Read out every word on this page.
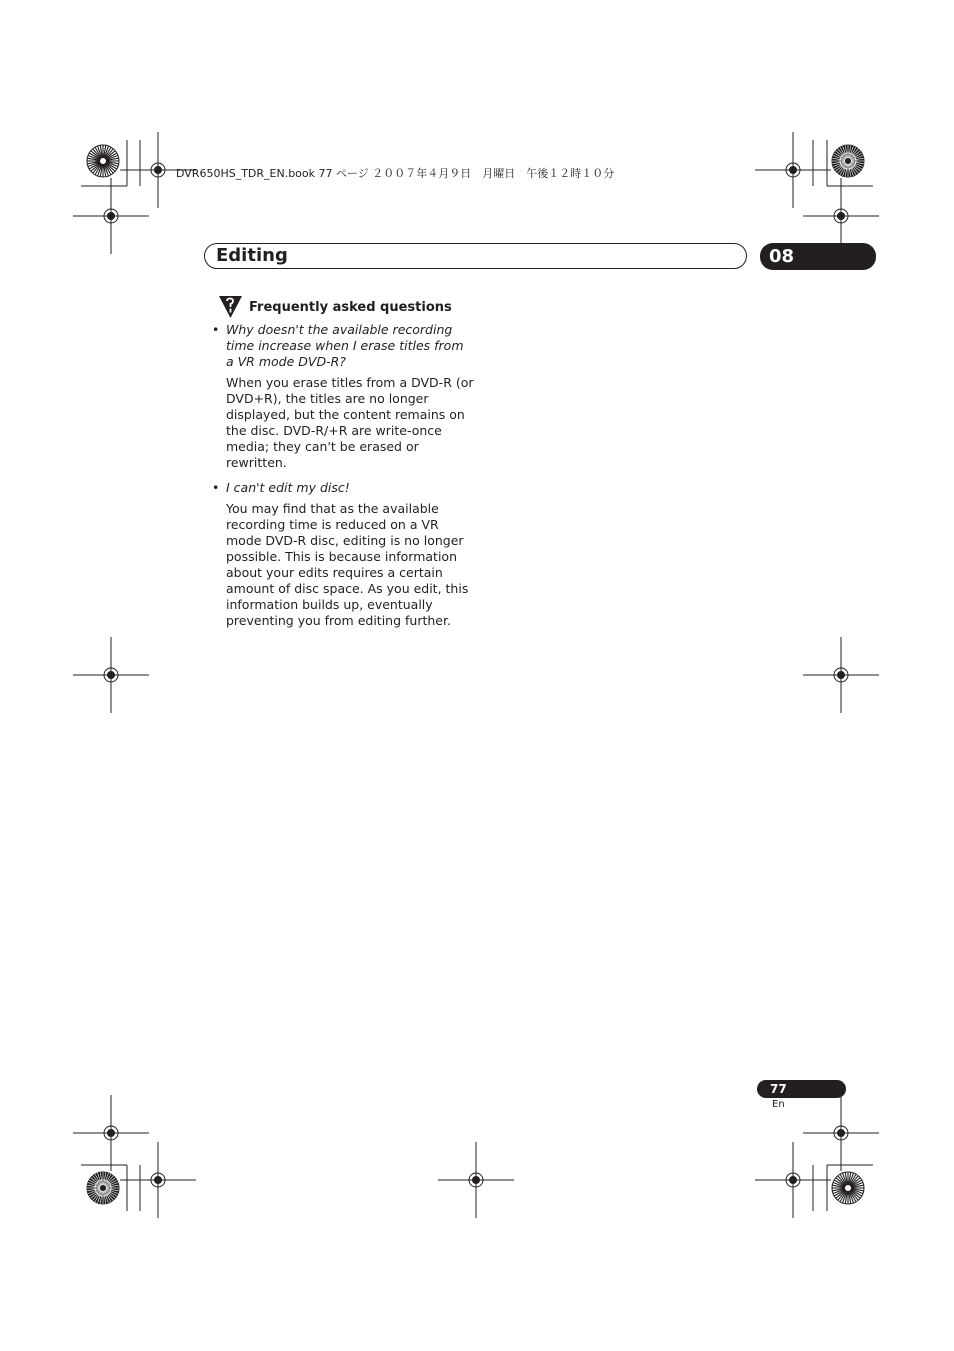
DVR650HS_TDR_EN.book 77 ページ ２００７年４月９日　月曜日　午後１２時１０分
Editing	08
Frequently asked questions
• Why doesn't the available recording time increase when I erase titles from a VR mode DVD-R?
When you erase titles from a DVD-R (or DVD+R), the titles are no longer displayed, but the content remains on the disc. DVD-R/+R are write-once media; they can't be erased or rewritten.
• I can't edit my disc!
You may find that as the available recording time is reduced on a VR mode DVD-R disc, editing is no longer possible. This is because information about your edits requires a certain amount of disc space. As you edit, this information builds up, eventually preventing you from editing further.
77
En
